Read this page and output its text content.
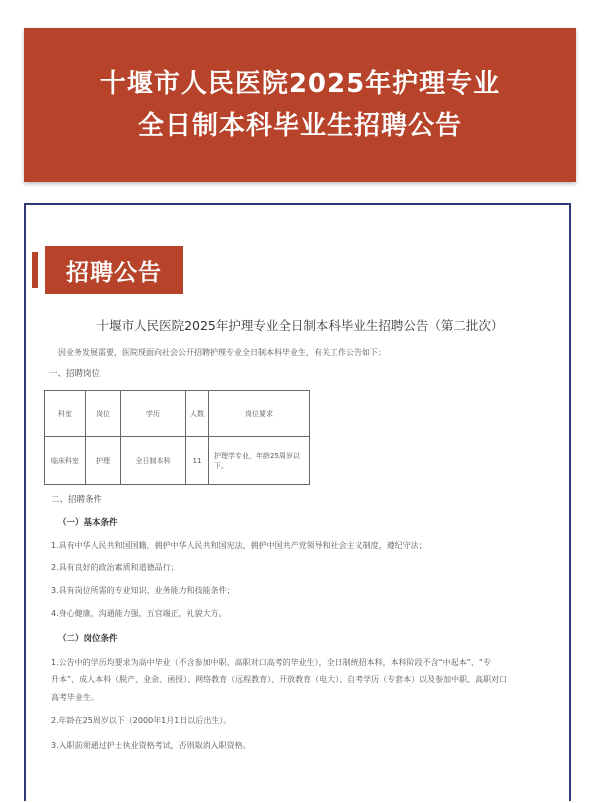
十堰市人民医院2025年护理专业
全日制本科毕业生招聘公告
招聘公告
十堰市人民医院2025年护理专业全日制本科毕业生招聘公告（第二批次）
因业务发展需要，医院现面向社会公开招聘护理专业全日制本科毕业生，有关工作公告如下：
一、招聘岗位
科室	岗位	学历	人数	岗位要求
临床科室	护理	全日制本科	11	护理学专业，年龄25周岁以下。
二、招聘条件
（一）基本条件
1.具有中华人民共和国国籍，拥护中华人民共和国宪法，拥护中国共产党领导和社会主义制度，遵纪守法；
2.具有良好的政治素质和道德品行；
3.具有岗位所需的专业知识、业务能力和技能条件；
4.身心健康，沟通能力强，五官端正，礼貌大方。
（二）岗位条件
1.公告中的学历均要求为高中毕业（不含参加中职、高职对口高考的毕业生），全日制统招本科，本科阶段不含“中起本”、“专
升本”、成人本科（脱产、业余、函授）、网络教育（远程教育）、开放教育（电大）、自考学历（专套本）以及参加中职、高职对口
高考毕业生。
2.年龄在25周岁以下（2000年1月1日以后出生）。
3.入职前须通过护士执业资格考试，否则取消入职资格。
